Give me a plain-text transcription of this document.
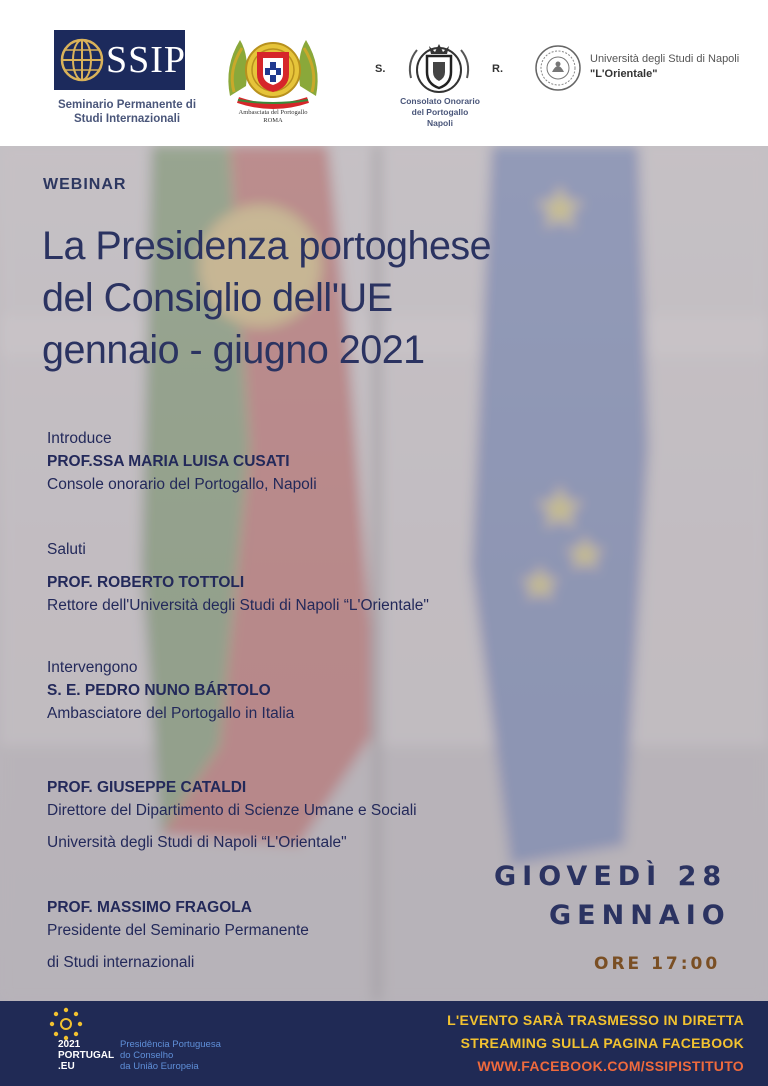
SSIP
Seminario Permanente di
Studi Internazionali
Ambasciata del Portogallo
ROMA
S.	R.
Consolato Onorario
del Portogallo
Napoli
Università degli Studi di Napoli
"L'Orientale"
WEBINAR
La Presidenza portoghese
del Consiglio dell'UE
gennaio - giugno 2021
Introduce
PROF.SSA MARIA LUISA CUSATI
Console onorario del Portogallo, Napoli
Saluti
PROF. ROBERTO TOTTOLI
Rettore dell'Università degli Studi di Napoli “L'Orientale"
Intervengono
S. E. PEDRO NUNO BÁRTOLO
Ambasciatore del Portogallo in Italia
PROF. GIUSEPPE CATALDI
Direttore del Dipartimento di Scienze Umane e Sociali
Università degli Studi di Napoli “L'Orientale"
PROF. MASSIMO FRAGOLA
Presidente del Seminario Permanente
di Studi internazionali
GIOVEDÌ 28
GENNAIO
ORE 17:00
2021
PORTUGAL
.EU
Presidência Portuguesa
do Conselho
da União Europeia
L'EVENTO SARÀ TRASMESSO IN DIRETTA
STREAMING SULLA PAGINA FACEBOOK
WWW.FACEBOOK.COM/SSIPISTITUTO
